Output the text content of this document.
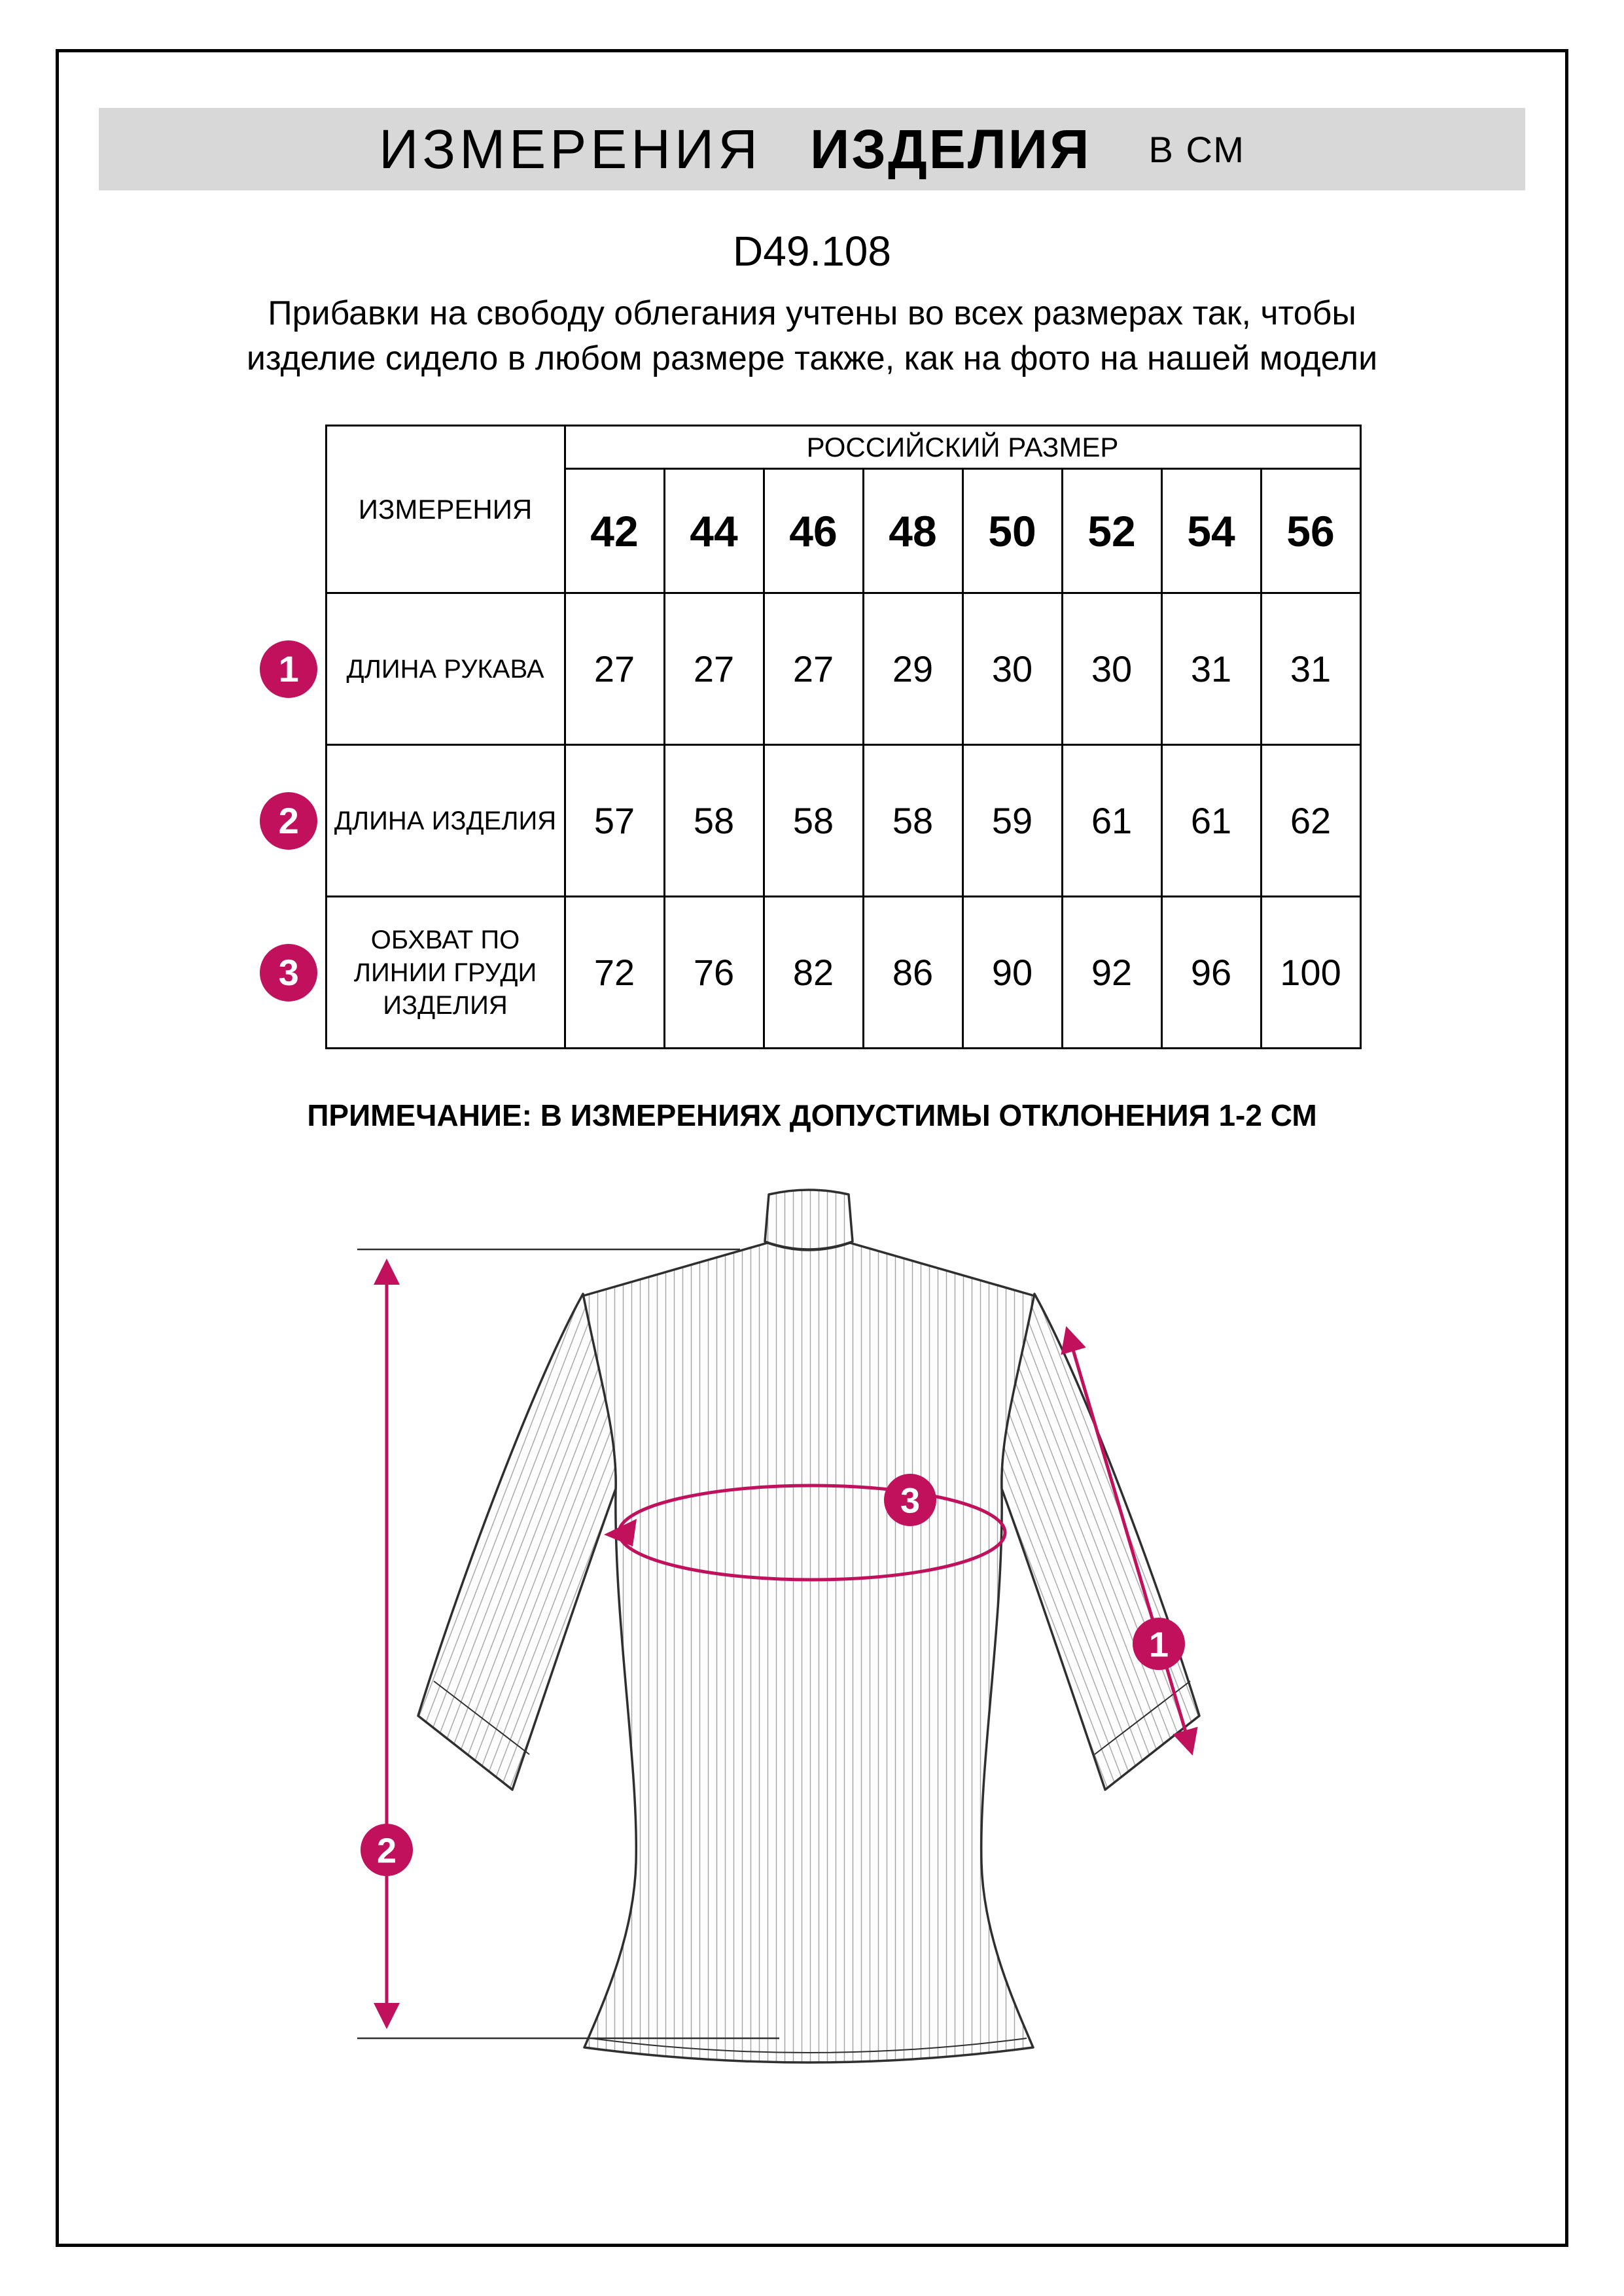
ИЗМЕРЕНИЯ ИЗДЕЛИЯ В СМ
D49.108

Прибавки на свободу облегания учтены во всех размерах так, чтобы изделие сидело в любом размере также, как на фото на нашей модели

	ИЗМЕРЕНИЯ	РОССИЙСКИЙ РАЗМЕР							
		42	44	46	48	50	52	54	56
1	ДЛИНА РУКАВА	27	27	27	29	30	30	31	31
2	ДЛИНА ИЗДЕЛИЯ	57	58	58	58	59	61	61	62
3	ОБХВАТ ПО ЛИНИИ ГРУДИ ИЗДЕЛИЯ	72	76	82	86	90	92	96	100

ПРИМЕЧАНИЕ: В ИЗМЕРЕНИЯХ ДОПУСТИМЫ ОТКЛОНЕНИЯ 1-2 СМ

1
2
3
